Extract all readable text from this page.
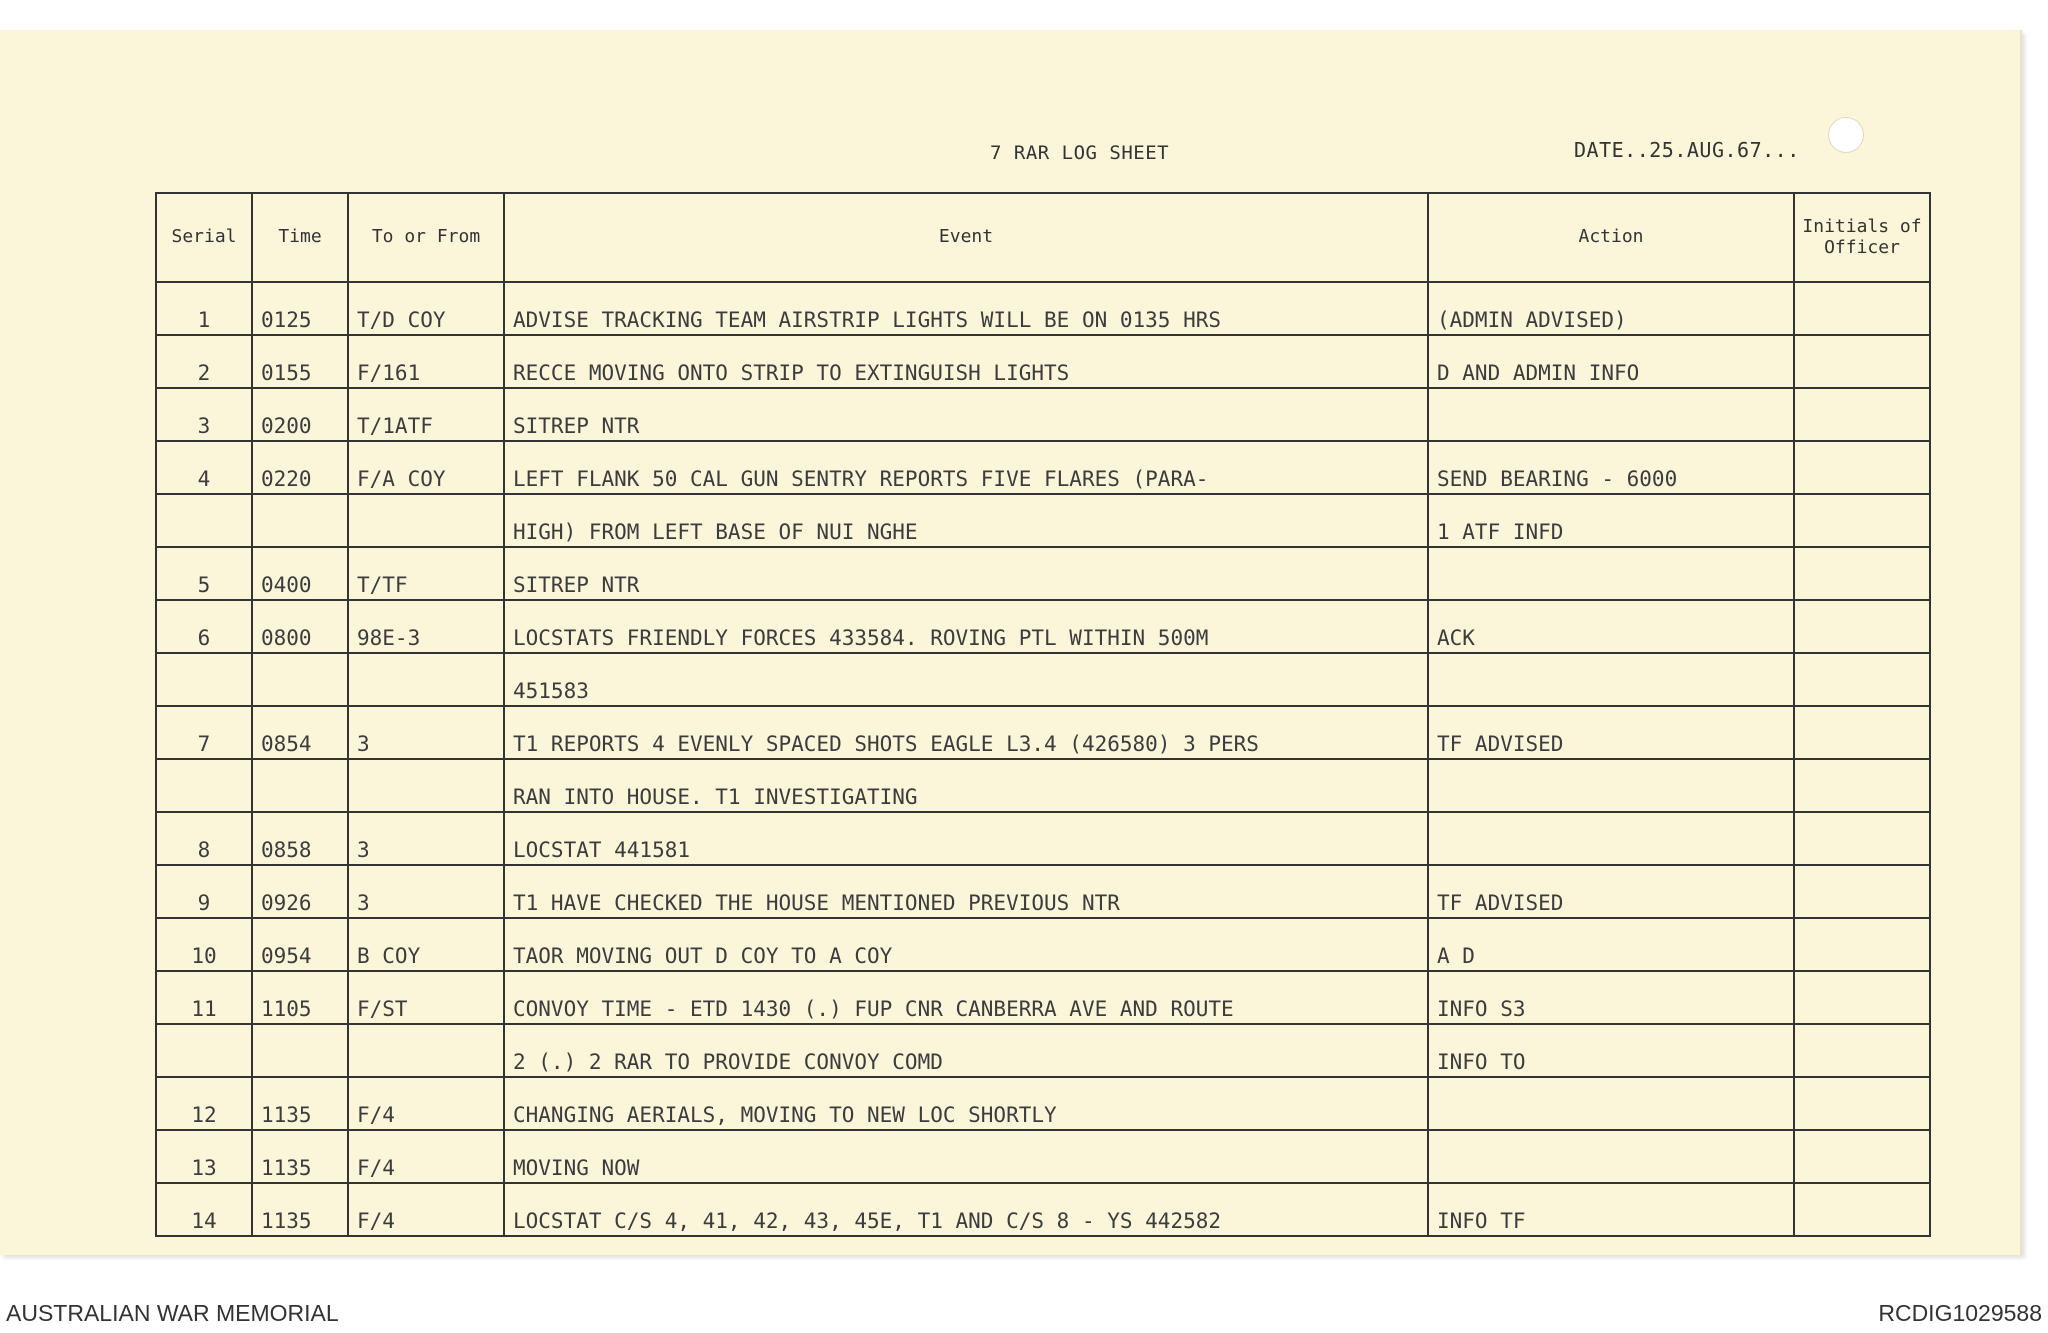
7 RAR LOG SHEET	DATE..25.AUG.67...
Serial	Time	To or From	Event	Action	Initials of Officer
1	0125	T/D COY	ADVISE TRACKING TEAM AIRSTRIP LIGHTS WILL BE ON 0135 HRS	(ADMIN ADVISED)	
2	0155	F/161	RECCE MOVING ONTO STRIP TO EXTINGUISH LIGHTS	D AND ADMIN INFO	
3	0200	T/1ATF	SITREP NTR		
4	0220	F/A COY	LEFT FLANK 50 CAL GUN SENTRY REPORTS FIVE FLARES (PARA-	SEND BEARING - 6000	
			HIGH) FROM LEFT BASE OF NUI NGHE	1 ATF INFD	
5	0400	T/TF	SITREP NTR		
6	0800	98E-3	LOCSTATS FRIENDLY FORCES 433584. ROVING PTL WITHIN 500M	ACK	
			451583		
7	0854	3	T1 REPORTS 4 EVENLY SPACED SHOTS EAGLE L3.4 (426580) 3 PERS	TF ADVISED	
			RAN INTO HOUSE. T1 INVESTIGATING		
8	0858	3	LOCSTAT 441581		
9	0926	3	T1 HAVE CHECKED THE HOUSE MENTIONED PREVIOUS NTR	TF ADVISED	
10	0954	B COY	TAOR MOVING OUT D COY TO A COY	A D	
11	1105	F/ST	CONVOY TIME - ETD 1430 (.) FUP CNR CANBERRA AVE AND ROUTE	INFO S3	
			2 (.) 2 RAR TO PROVIDE CONVOY COMD	INFO TO	
12	1135	F/4	CHANGING AERIALS, MOVING TO NEW LOC SHORTLY		
13	1135	F/4	MOVING NOW		
14	1135	F/4	LOCSTAT C/S 4, 41, 42, 43, 45E, T1 AND C/S 8 - YS 442582	INFO TF	
AUSTRALIAN WAR MEMORIAL	RCDIG1029588
